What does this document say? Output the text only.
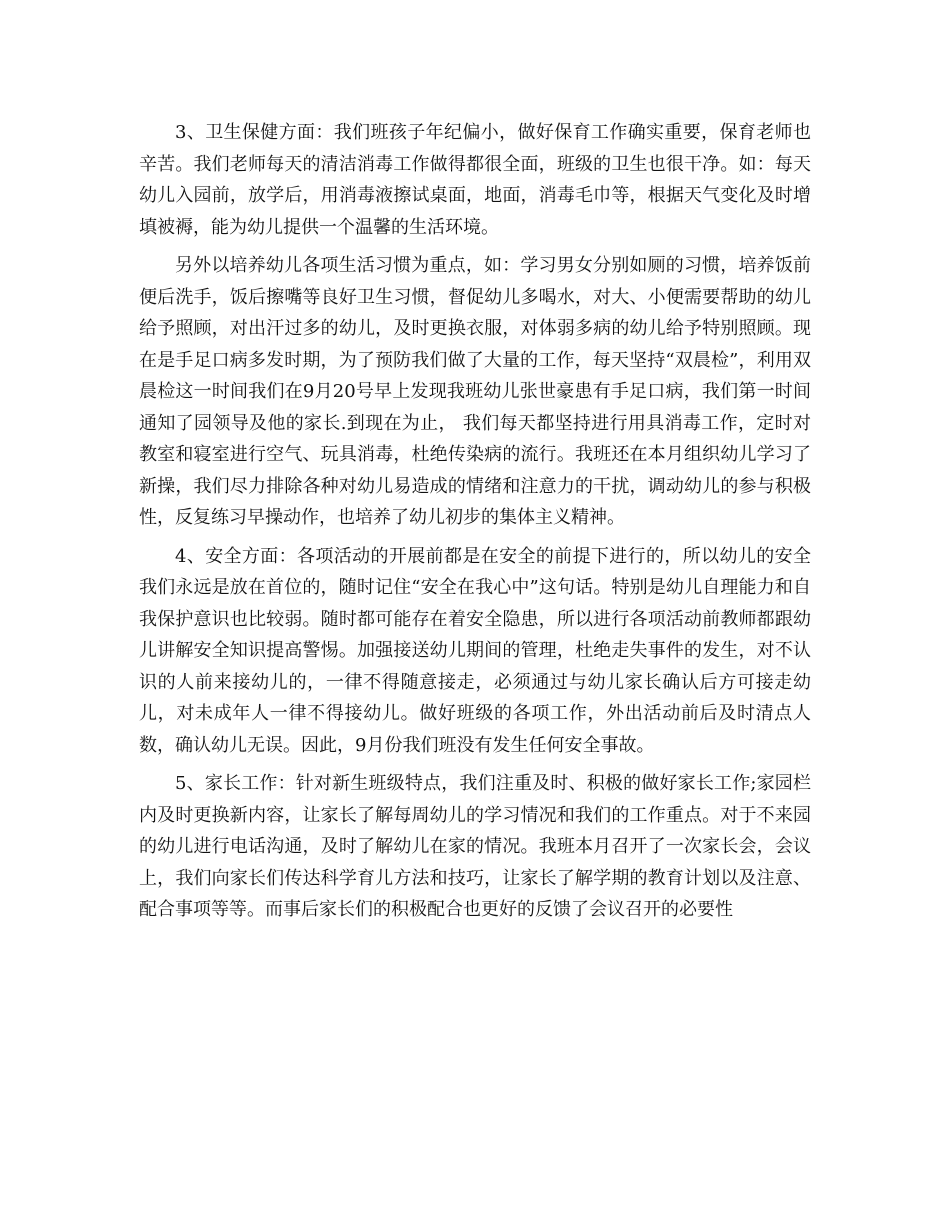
3、卫生保健方面：我们班孩子年纪偏小，做好保育工作确实重要，保育老师也辛苦。我们老师每天的清洁消毒工作做得都很全面，班级的卫生也很干净。如：每天幼儿入园前，放学后，用消毒液擦试桌面，地面，消毒毛巾等，根据天气变化及时增填被褥，能为幼儿提供一个温馨的生活环境。

另外以培养幼儿各项生活习惯为重点，如：学习男女分别如厕的习惯，培养饭前便后洗手，饭后擦嘴等良好卫生习惯，督促幼儿多喝水，对大、小便需要帮助的幼儿给予照顾，对出汗过多的幼儿，及时更换衣服，对体弱多病的幼儿给予特别照顾。现在是手足口病多发时期，为了预防我们做了大量的工作，每天坚持“双晨检”，利用双晨检这一时间我们在9月20号早上发现我班幼儿张世豪患有手足口病，我们第一时间通知了园领导及他的家长.到现在为止， 我们每天都坚持进行用具消毒工作，定时对教室和寝室进行空气、玩具消毒，杜绝传染病的流行。我班还在本月组织幼儿学习了新操，我们尽力排除各种对幼儿易造成的情绪和注意力的干扰，调动幼儿的参与积极性，反复练习早操动作，也培养了幼儿初步的集体主义精神。

4、安全方面：各项活动的开展前都是在安全的前提下进行的，所以幼儿的安全我们永远是放在首位的，随时记住“安全在我心中”这句话。特别是幼儿自理能力和自我保护意识也比较弱。随时都可能存在着安全隐患，所以进行各项活动前教师都跟幼儿讲解安全知识提高警惕。加强接送幼儿期间的管理，杜绝走失事件的发生，对不认识的人前来接幼儿的，一律不得随意接走，必须通过与幼儿家长确认后方可接走幼儿，对未成年人一律不得接幼儿。做好班级的各项工作，外出活动前后及时清点人数，确认幼儿无误。因此，9月份我们班没有发生任何安全事故。

5、家长工作：针对新生班级特点，我们注重及时、积极的做好家长工作;家园栏内及时更换新内容，让家长了解每周幼儿的学习情况和我们的工作重点。对于不来园的幼儿进行电话沟通，及时了解幼儿在家的情况。我班本月召开了一次家长会，会议上，我们向家长们传达科学育儿方法和技巧，让家长了解学期的教育计划以及注意、配合事项等等。而事后家长们的积极配合也更好的反馈了会议召开的必要性
